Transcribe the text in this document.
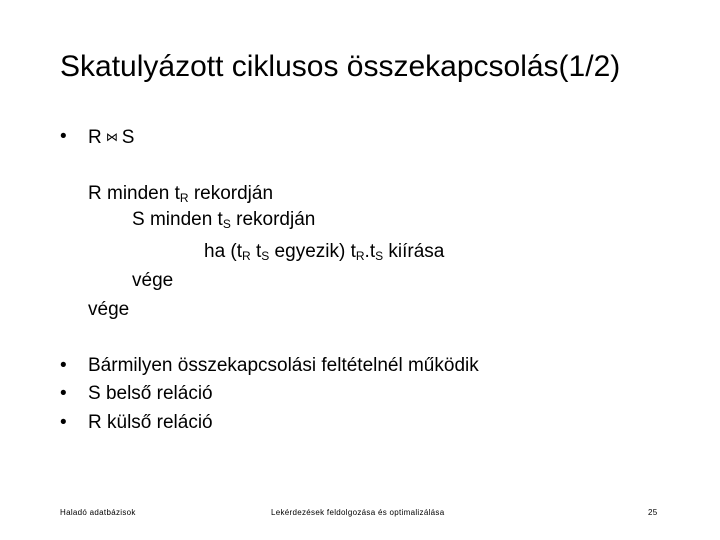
Skatulyázott ciklusos összekapcsolás(1/2)
• R ⋈ S
R minden $t_R$ rekordján
S minden $t_S$ rekordján
ha ($t_R$ $t_S$ egyezik) $t_R.t_S$ kiírása
vége
vége
• Bármilyen összekapcsolási feltételnél működik
• S belső reláció
• R külső reláció
Haladó adatbázisok	Lekérdezések feldolgozása és optimalizálása	25
